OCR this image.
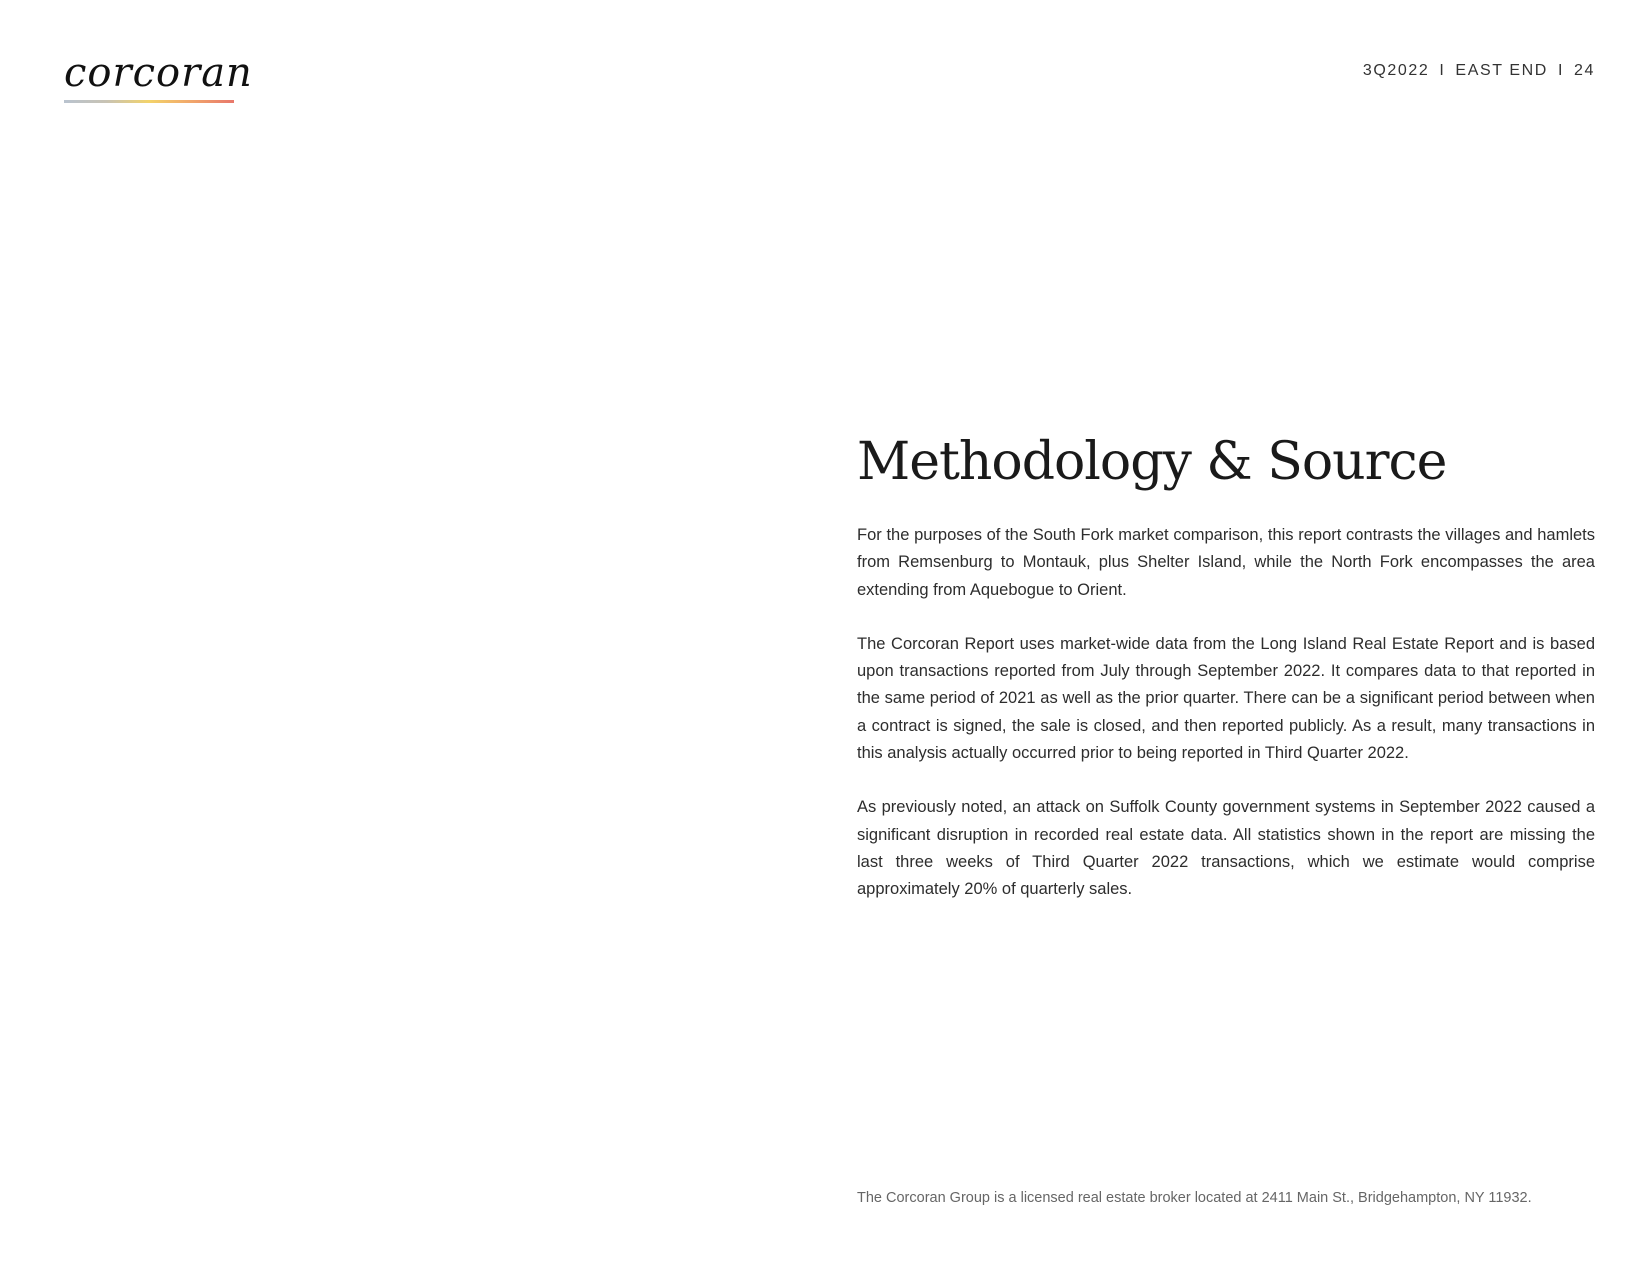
corcoran	3Q2022 I EAST END I 24
Methodology & Source

For the purposes of the South Fork market comparison, this report contrasts the villages and hamlets from Remsenburg to Montauk, plus Shelter Island, while the North Fork encompasses the area extending from Aquebogue to Orient.

The Corcoran Report uses market-wide data from the Long Island Real Estate Report and is based upon transactions reported from July through September 2022. It compares data to that reported in the same period of 2021 as well as the prior quarter. There can be a significant period between when a contract is signed, the sale is closed, and then reported publicly. As a result, many transactions in this analysis actually occurred prior to being reported in Third Quarter 2022.

As previously noted, an attack on Suffolk County government systems in September 2022 caused a significant disruption in recorded real estate data. All statistics shown in the report are missing the last three weeks of Third Quarter 2022 transactions, which we estimate would comprise approximately 20% of quarterly sales.

The Corcoran Group is a licensed real estate broker located at 2411 Main St., Bridgehampton, NY 11932.
